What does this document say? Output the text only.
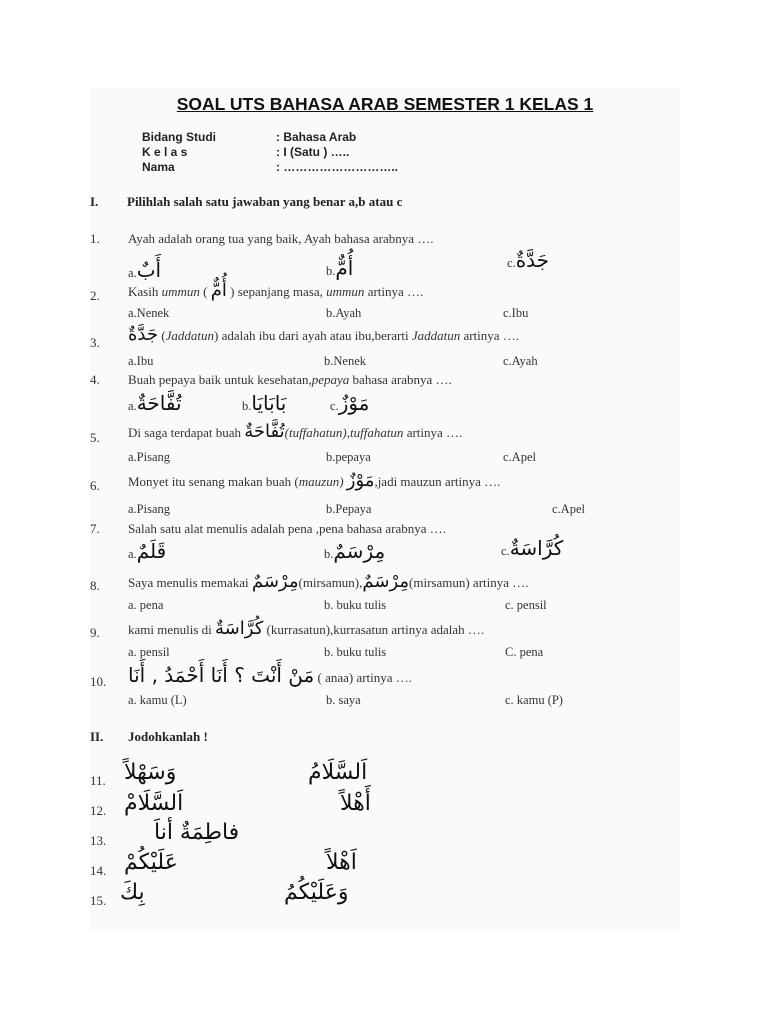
SOAL UTS BAHASA ARAB SEMESTER 1 KELAS 1
Bidang Studi	: Bahasa Arab
K e l a s	: I (Satu ) …..
Nama	: ………………………..
I. Pilihlah salah satu jawaban yang benar a,b atau c
1. Ayah adalah orang tua yang baik, Ayah bahasa arabnya ….
a.أَبٌ	b.أُمٌّ	c.جَدَّةٌ
2. Kasih ummun ( أُمٌّ ) sepanjang masa, ummun artinya ….
a.Nenek	b.Ayah	c.Ibu
3. جَدَّةٌ (Jaddatun) adalah ibu dari ayah atau ibu,berarti Jaddatun artinya ….
a.Ibu	b.Nenek	c.Ayah
4. Buah pepaya baik untuk kesehatan,pepaya bahasa arabnya ….
a.تُفَّاحَةٌ	b.بَابَايَا	c.مَوْزٌ
5. Di saga terdapat buah تُفَّاحَةٌ(tuffahatun),tuffahatun artinya ….
a.Pisang	b.pepaya	c.Apel
6. Monyet itu senang makan buah (mauzun) مَوْزٌ,jadi mauzun artinya ….
a.Pisang	b.Pepaya	c.Apel
7. Salah satu alat menulis adalah pena ,pena bahasa arabnya ….
a.قَلَمٌ	b.مِرْسَمٌ	c.كُرَّاسَةٌ
8. Saya menulis memakai مِرْسَمٌ(mirsamun),مِرْسَمٌ(mirsamun) artinya ….
a. pena	b. buku tulis	c. pensil
9. kami menulis di كُرَّاسَةٌ (kurrasatun),kurrasatun artinya adalah ….
a. pensil	b. buku tulis	C. pena
10. مَنْ أَنْتَ ؟ أَنَا أَحْمَدُ , أَنَا ( anaa) artinya ….
a. kamu (L)	b. saya	c. kamu (P)
II. Jodohkanlah !
11. وَسَهْلاً	اَلسَّلَامُ
12. اَلسَّلَامْ	أَهْلاً
13. فاطِمَةٌ أناَ
14. عَلَيْكُمْ	اَهْلاً
15. بِكَ	وَعَلَيْكُمُ
